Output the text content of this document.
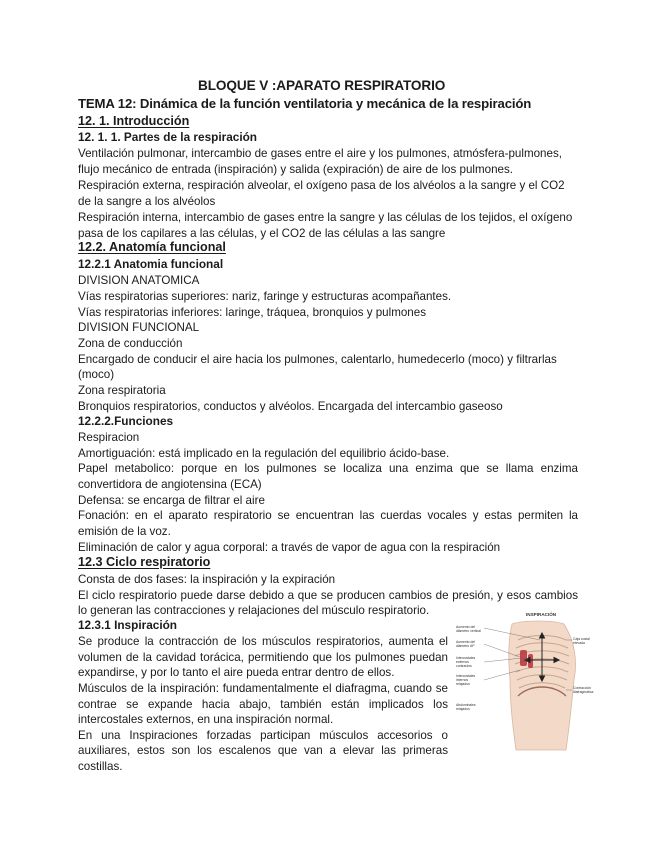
BLOQUE V :APARATO RESPIRATORIO
TEMA 12: Dinámica de la función ventilatoria y mecánica de la respiración
12. 1. Introducción
12. 1. 1. Partes de la respiración
Ventilación pulmonar, intercambio de gases entre el aire y los pulmones, atmósfera-pulmones,
flujo mecánico de entrada (inspiración) y salida (expiración) de aire de los pulmones.
Respiración externa, respiración alveolar, el oxígeno pasa de los alvéolos a la sangre y el CO2
de la sangre a los alvéolos
Respiración interna, intercambio de gases entre la sangre y las células de los tejidos, el oxígeno
pasa de los capilares a las células, y el CO2 de las células a las sangre
12.2. Anatomía funcional
12.2.1 Anatomia funcional
DIVISION ANATOMICA
Vías respiratorias superiores: nariz, faringe y estructuras acompañantes.
Vías respiratorias inferiores: laringe, tráquea, bronquios y pulmones
DIVISION FUNCIONAL
Zona de conducción
Encargado de conducir el aire hacia los pulmones, calentarlo, humedecerlo (moco) y filtrarlas
(moco)
Zona respiratoria
Bronquios respiratorios, conductos y alvéolos. Encargada del intercambio gaseoso
12.2.2.Funciones
Respiracion
Amortiguación: está implicado en la regulación del equilibrio ácido-base.
Papel metabolico: porque en los pulmones se localiza una enzima que se llama enzima
convertidora de angiotensina (ECA)
Defensa: se encarga de filtrar el aire
Fonación: en el aparato respiratorio se encuentran las cuerdas vocales y estas permiten la
emisión de la voz.
Eliminación de calor y agua corporal: a través de vapor de agua con la respiración
12.3 Ciclo respiratorio
Consta de dos fases: la inspiración y la expiración
El ciclo respiratorio puede darse debido a que se producen cambios de presión, y esos cambios
lo generan las contracciones y relajaciones del músculo respiratorio.
12.3.1 Inspiración
Se produce la contracción de los músculos respiratorios, aumenta el
volumen de la cavidad torácica, permitiendo que los pulmones puedan
expandirse, y por lo tanto el aire pueda entrar dentro de ellos.
Músculos de la inspiración: fundamentalmente el diafragma, cuando se
contrae se expande hacia abajo, también están implicados los
intercostales externos, en una inspiración normal.
En una Inspiraciones forzadas participan músculos accesorios o
auxiliares, estos son los escalenos que van a elevar las primeras
costillas.
INSPIRACIÓN
Aumento del
diámetro vertical
Aumento del
diámetro AP
Intercostales
externos
contraídos
Intercostales
internos
relajados
Abdominales
relajados
Caja costal
elevada
Contracción
diafragmática
